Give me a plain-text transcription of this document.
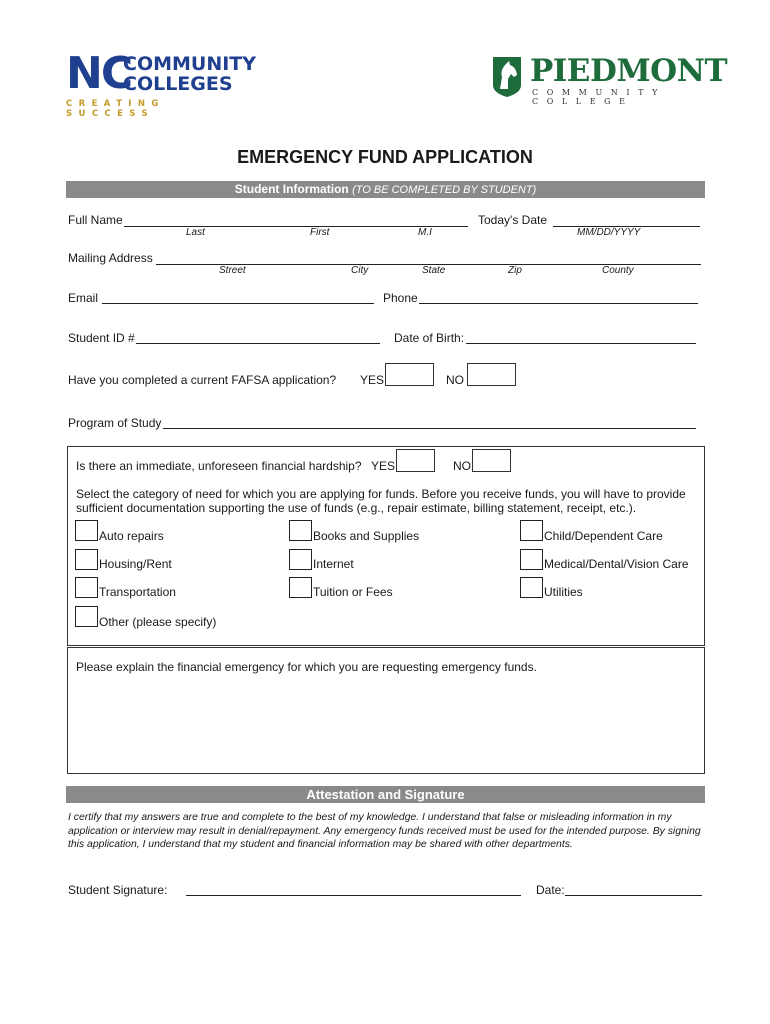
NC
COMMUNITY
COLLEGES
CREATING SUCCESS
PIEDMONT
COMMUNITY COLLEGE
EMERGENCY FUND APPLICATION
Student Information (TO BE COMPLETED BY STUDENT)
Full Name
Last	First	M.I
Today's Date
MM/DD/YYYY
Mailing Address
Street	City	State	Zip	County
Email	Phone
Student ID #	Date of Birth:
Have you completed a current FAFSA application? YES	NO
Program of Study
Is there an immediate, unforeseen financial hardship? YES	NO
Select the category of need for which you are applying for funds. Before you receive funds, you will have to provide sufficient documentation supporting the use of funds (e.g., repair estimate, billing statement, receipt, etc.).
Auto repairs	Books and Supplies	Child/Dependent Care
Housing/Rent	Internet	Medical/Dental/Vision Care
Transportation	Tuition or Fees	Utilities
Other (please specify)
Please explain the financial emergency for which you are requesting emergency funds.
Attestation and Signature
I certify that my answers are true and complete to the best of my knowledge. I understand that false or misleading information in my application or interview may result in denial/repayment. Any emergency funds received must be used for the intended purpose. By signing this application, I understand that my student and financial information may be shared with other departments.
Student Signature:	Date:
